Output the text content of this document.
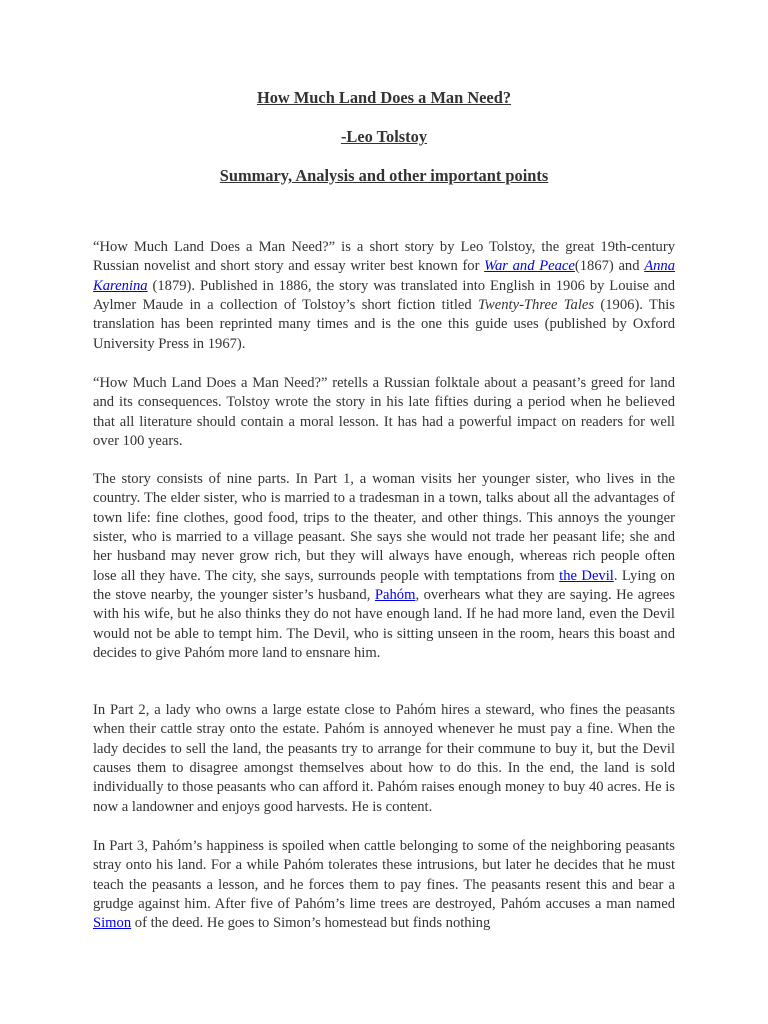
How Much Land Does a Man Need?
-Leo Tolstoy
Summary, Analysis and other important points

“How Much Land Does a Man Need?” is a short story by Leo Tolstoy, the great 19th-century Russian novelist and short story and essay writer best known for War and Peace(1867) and Anna Karenina (1879). Published in 1886, the story was translated into English in 1906 by Louise and Aylmer Maude in a collection of Tolstoy’s short fiction titled Twenty-Three Tales (1906). This translation has been reprinted many times and is the one this guide uses (published by Oxford University Press in 1967).

“How Much Land Does a Man Need?” retells a Russian folktale about a peasant’s greed for land and its consequences. Tolstoy wrote the story in his late fifties during a period when he believed that all literature should contain a moral lesson. It has had a powerful impact on readers for well over 100 years.

The story consists of nine parts. In Part 1, a woman visits her younger sister, who lives in the country. The elder sister, who is married to a tradesman in a town, talks about all the advantages of town life: fine clothes, good food, trips to the theater, and other things. This annoys the younger sister, who is married to a village peasant. She says she would not trade her peasant life; she and her husband may never grow rich, but they will always have enough, whereas rich people often lose all they have. The city, she says, surrounds people with temptations from the Devil. Lying on the stove nearby, the younger sister’s husband, Pahóm, overhears what they are saying. He agrees with his wife, but he also thinks they do not have enough land. If he had more land, even the Devil would not be able to tempt him. The Devil, who is sitting unseen in the room, hears this boast and decides to give Pahóm more land to ensnare him.

In Part 2, a lady who owns a large estate close to Pahóm hires a steward, who fines the peasants when their cattle stray onto the estate. Pahóm is annoyed whenever he must pay a fine. When the lady decides to sell the land, the peasants try to arrange for their commune to buy it, but the Devil causes them to disagree amongst themselves about how to do this. In the end, the land is sold individually to those peasants who can afford it. Pahóm raises enough money to buy 40 acres. He is now a landowner and enjoys good harvests. He is content.

In Part 3, Pahóm’s happiness is spoiled when cattle belonging to some of the neighboring peasants stray onto his land. For a while Pahóm tolerates these intrusions, but later he decides that he must teach the peasants a lesson, and he forces them to pay fines. The peasants resent this and bear a grudge against him. After five of Pahóm’s lime trees are destroyed, Pahóm accuses a man named Simon of the deed. He goes to Simon’s homestead but finds nothing
